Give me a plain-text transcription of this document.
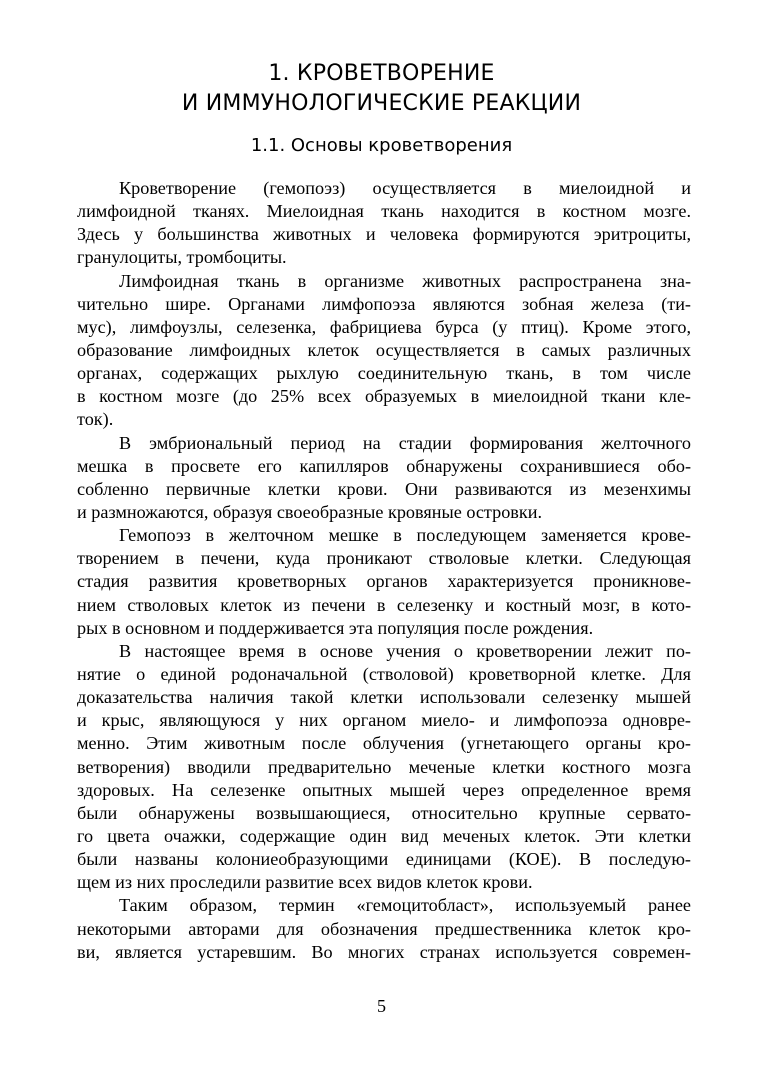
1. КРОВЕТВОРЕНИЕ
И ИММУНОЛОГИЧЕСКИЕ РЕАКЦИИ
1.1. Основы кроветворения
Кроветворение (гемопоэз) осуществляется в миелоидной и
лимфоидной тканях. Миелоидная ткань находится в костном мозге.
Здесь у большинства животных и человека формируются эритроциты,
гранулоциты, тромбоциты.
Лимфоидная ткань в организме животных распространена зна-
чительно шире. Органами лимфопоэза являются зобная железа (ти-
мус), лимфоузлы, селезенка, фабрициева бурса (у птиц). Кроме этого,
образование лимфоидных клеток осуществляется в самых различных
органах, содержащих рыхлую соединительную ткань, в том числе
в костном мозге (до 25% всех образуемых в миелоидной ткани кле-
ток).
В эмбриональный период на стадии формирования желточного
мешка в просвете его капилляров обнаружены сохранившиеся обо-
собленно первичные клетки крови. Они развиваются из мезенхимы
и размножаются, образуя своеобразные кровяные островки.
Гемопоэз в желточном мешке в последующем заменяется крове-
творением в печени, куда проникают стволовые клетки. Следующая
стадия развития кроветворных органов характеризуется проникнове-
нием стволовых клеток из печени в селезенку и костный мозг, в кото-
рых в основном и поддерживается эта популяция после рождения.
В настоящее время в основе учения о кроветворении лежит по-
нятие о единой родоначальной (стволовой) кроветворной клетке. Для
доказательства наличия такой клетки использовали селезенку мышей
и крыс, являющуюся у них органом миело- и лимфопоэза одновре-
менно. Этим животным после облучения (угнетающего органы кро-
ветворения) вводили предварительно меченые клетки костного мозга
здоровых. На селезенке опытных мышей через определенное время
были обнаружены возвышающиеся, относительно крупные сервато-
го цвета очажки, содержащие один вид меченых клеток. Эти клетки
были названы колониеобразующими единицами (КОЕ). В последую-
щем из них проследили развитие всех видов клеток крови.
Таким образом, термин «гемоцитобласт», используемый ранее
некоторыми авторами для обозначения предшественника клеток кро-
ви, является устаревшим. Во многих странах используется современ-
5
